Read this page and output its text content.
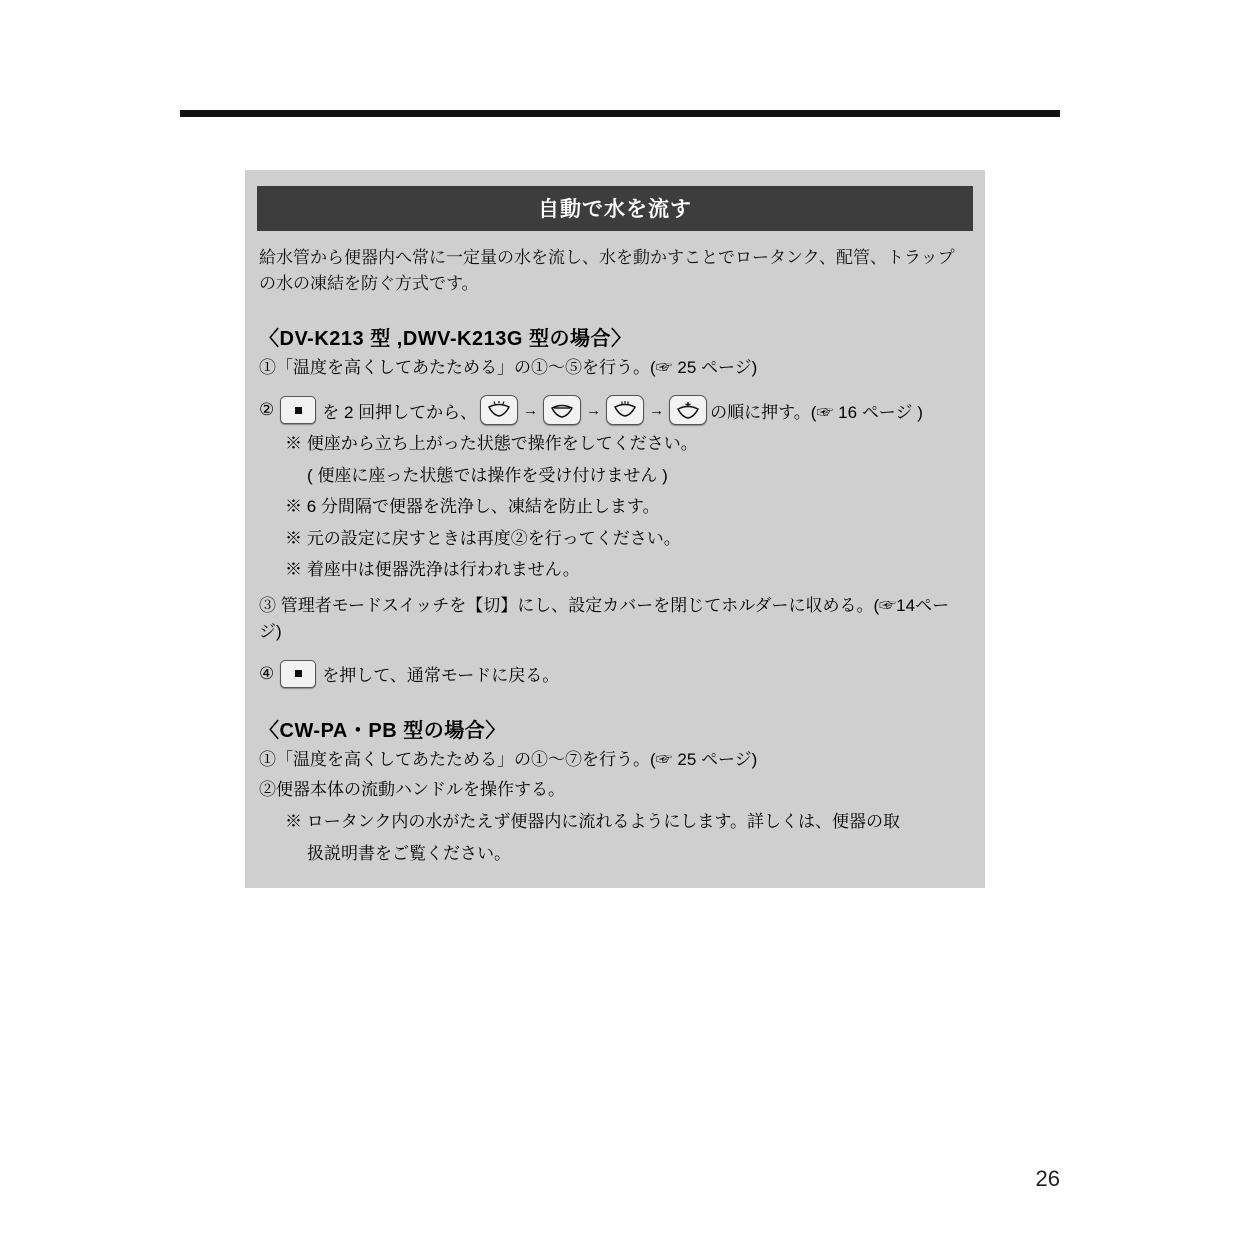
自動で水を流す
給水管から便器内へ常に一定量の水を流し、水を動かすことでロータンク、配管、トラップの水の凍結を防ぐ方式です。
〈DV-K213 型 ,DWV-K213G 型の場合〉
①「温度を高くしてあたためる」の①〜⑤を行う。(☞ 25 ページ)
②	を 2 回押してから、	→	→	→	の順に押す。(☞ 16 ページ )
※ 便座から立ち上がった状態で操作をしてください。
( 便座に座った状態では操作を受け付けません )
※ 6 分間隔で便器を洗浄し、凍結を防止します。
※ 元の設定に戻すときは再度②を行ってください。
※ 着座中は便器洗浄は行われません。
③ 管理者モードスイッチを【切】にし、設定カバーを閉じてホルダーに収める。(☞14ページ)
④	を押して、通常モードに戻る。
〈CW-PA・PB 型の場合〉
①「温度を高くしてあたためる」の①〜⑦を行う。(☞ 25 ページ)
②便器本体の流動ハンドルを操作する。
※ ロータンク内の水がたえず便器内に流れるようにします。詳しくは、便器の取
扱説明書をご覧ください。
26
